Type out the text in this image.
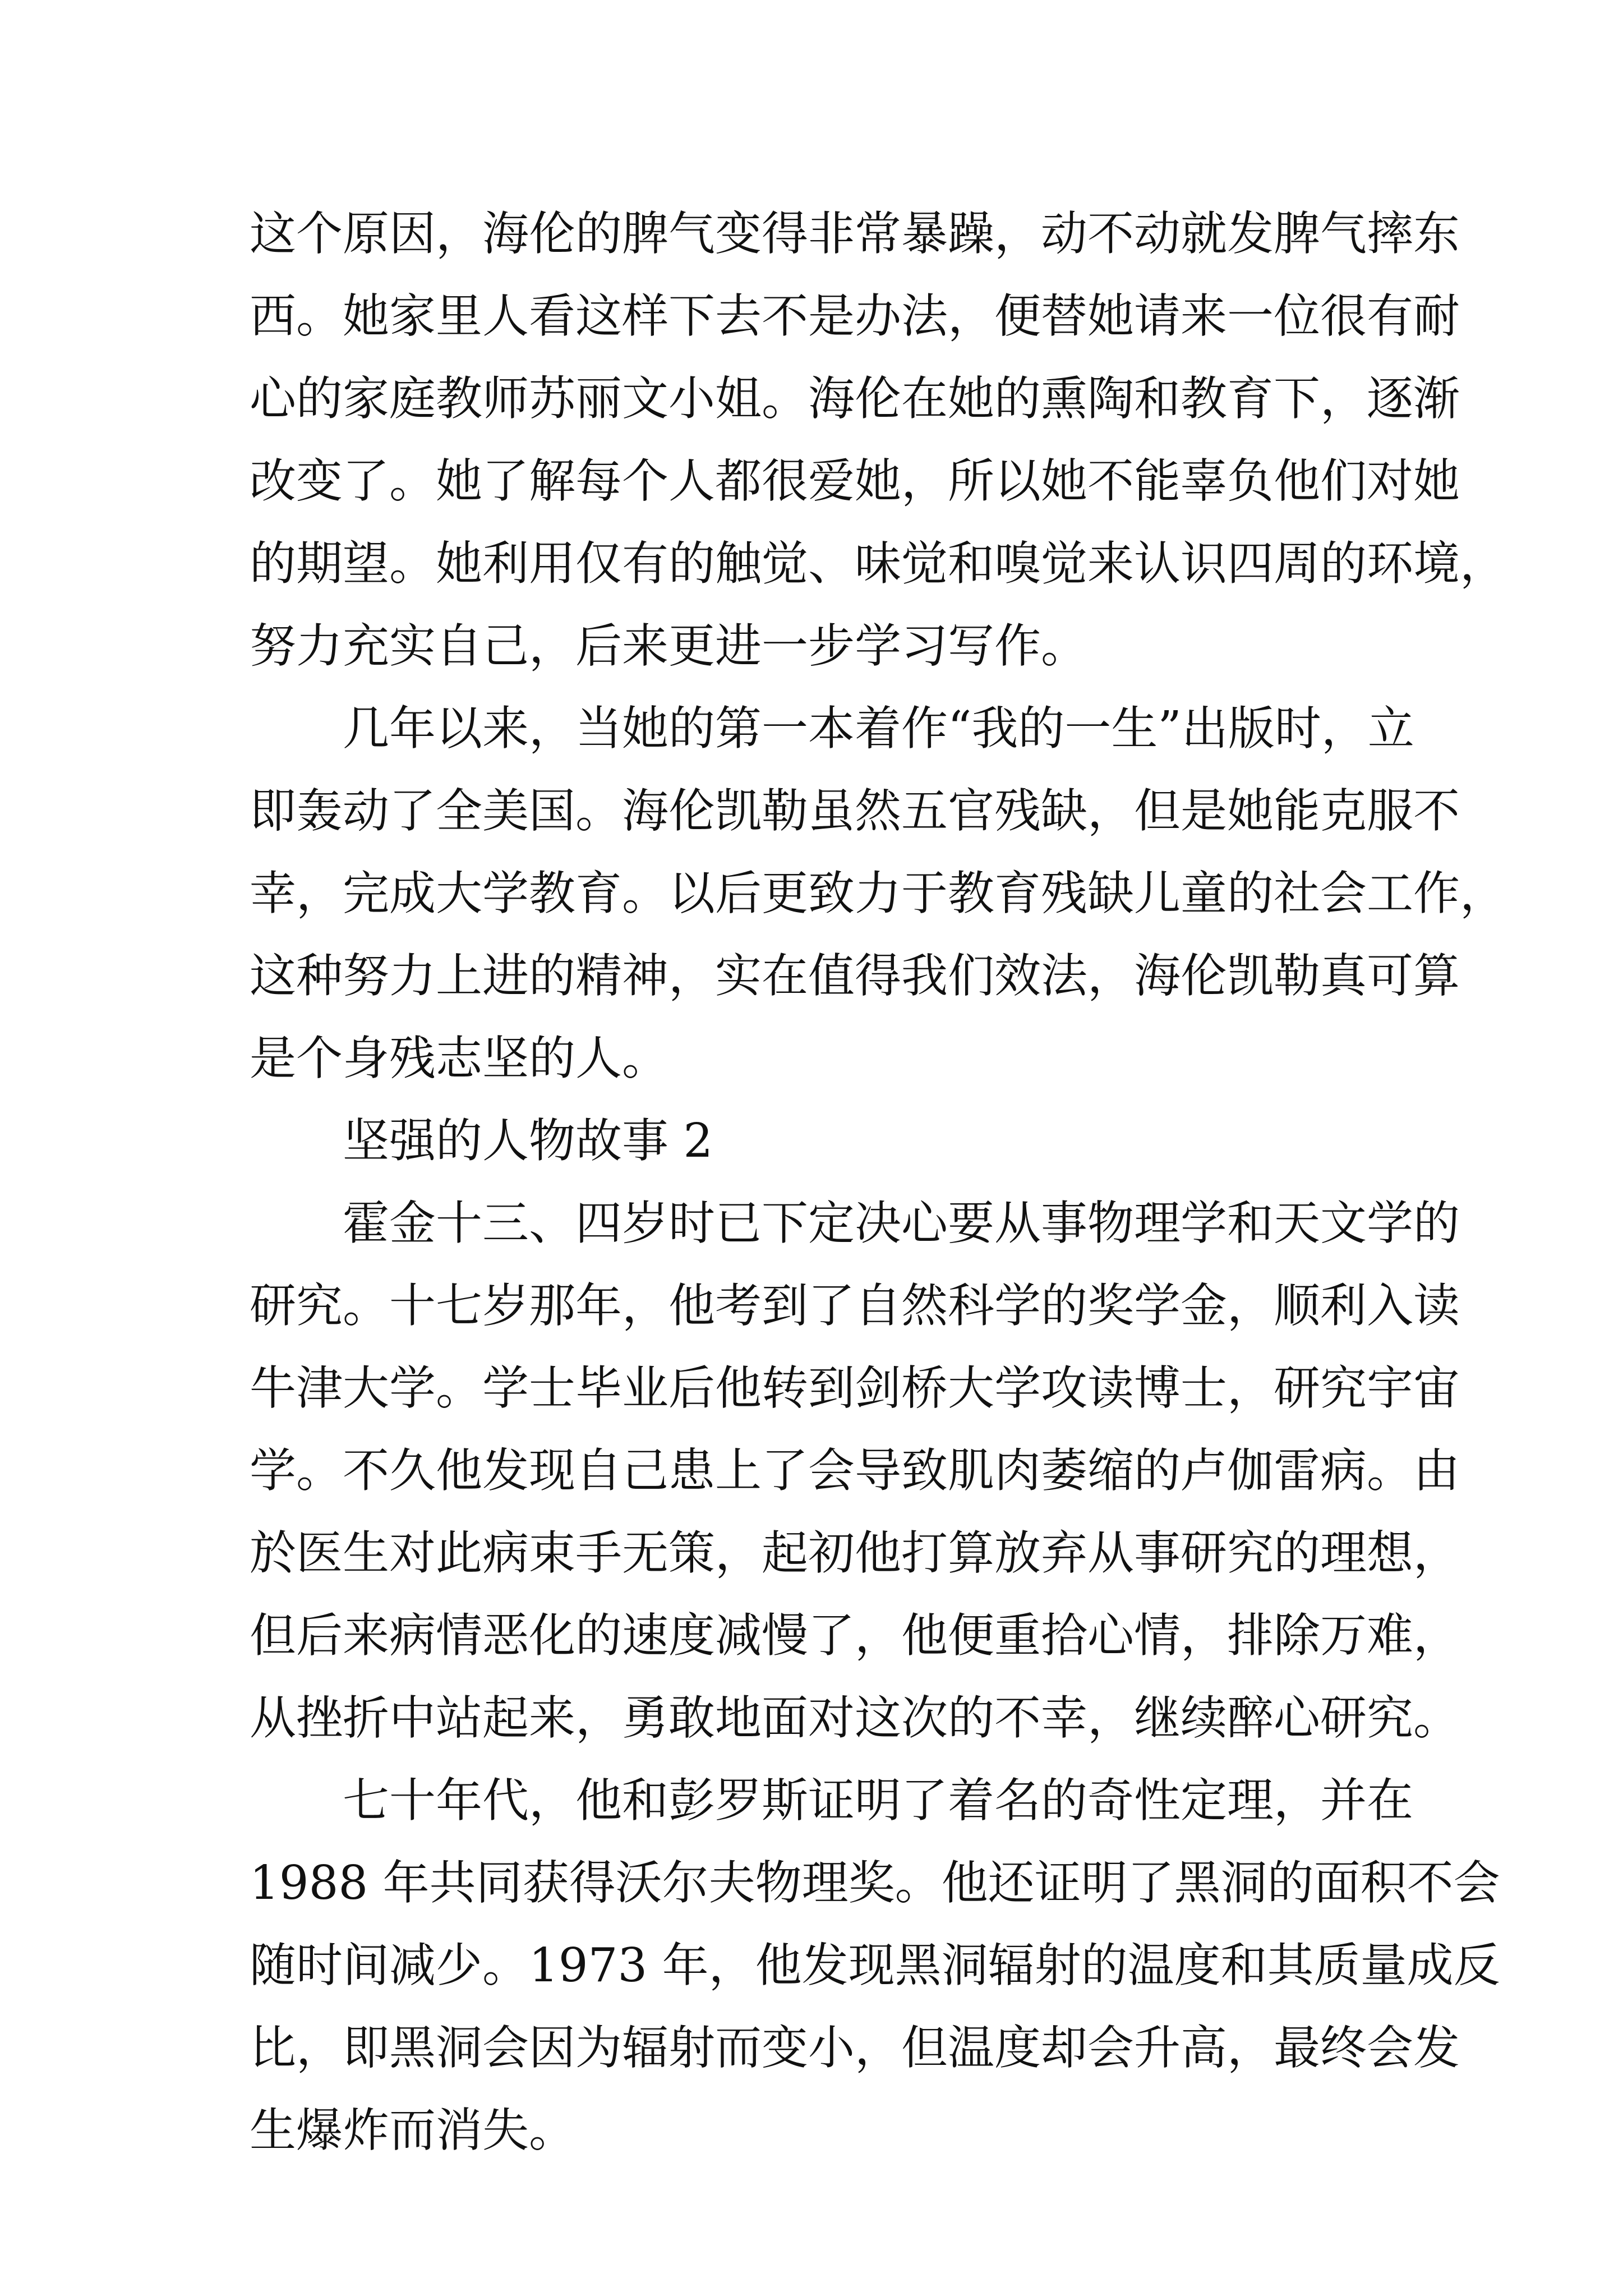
这个原因，海伦的脾气变得非常暴躁，动不动就发脾气摔东
西。她家里人看这样下去不是办法，便替她请来一位很有耐
心的家庭教师苏丽文小姐。海伦在她的熏陶和教育下，逐渐
改变了。她了解每个人都很爱她，所以她不能辜负他们对她
的期望。她利用仅有的触觉、味觉和嗅觉来认识四周的环境，
努力充实自己，后来更进一步学习写作。
几年以来，当她的第一本着作“我的一生”出版时，立
即轰动了全美国。海伦凯勒虽然五官残缺，但是她能克服不
幸，完成大学教育。以后更致力于教育残缺儿童的社会工作，
这种努力上进的精神，实在值得我们效法，海伦凯勒真可算
是个身残志坚的人。
坚强的人物故事 2
霍金十三、四岁时已下定决心要从事物理学和天文学的
研究。十七岁那年，他考到了自然科学的奖学金，顺利入读
牛津大学。学士毕业后他转到剑桥大学攻读博士，研究宇宙
学。不久他发现自己患上了会导致肌肉萎缩的卢伽雷病。由
於医生对此病束手无策，起初他打算放弃从事研究的理想，
但后来病情恶化的速度减慢了，他便重拾心情，排除万难，
从挫折中站起来，勇敢地面对这次的不幸，继续醉心研究。
七十年代，他和彭罗斯证明了着名的奇性定理，并在
1988 年共同获得沃尔夫物理奖。他还证明了黑洞的面积不会
随时间减少。1973 年，他发现黑洞辐射的温度和其质量成反
比，即黑洞会因为辐射而变小，但温度却会升高，最终会发
生爆炸而消失。
